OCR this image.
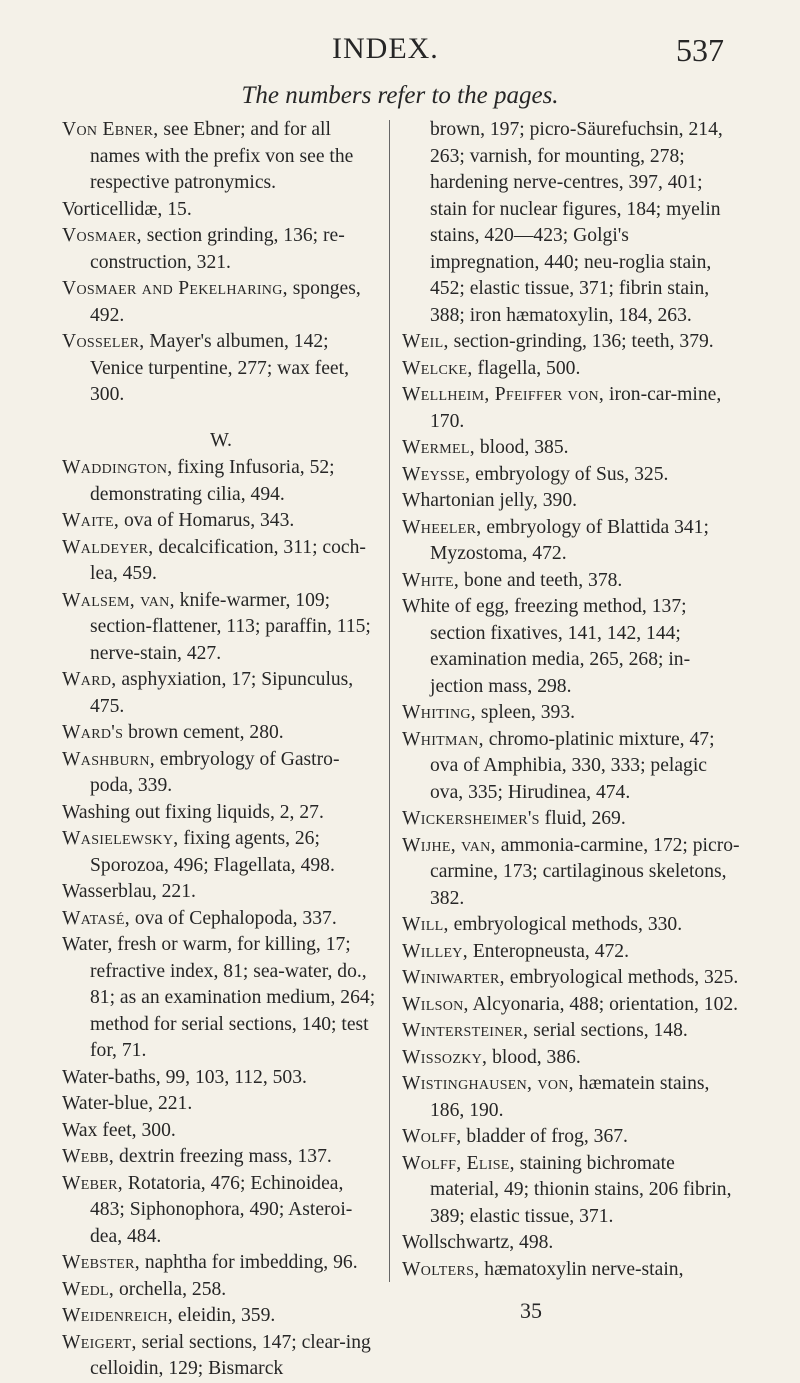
INDEX.	537
The numbers refer to the pages.

Von Ebner, see Ebner; and for all names with the prefix von see the respective patronymics.

Vorticellidæ, 15.

Vosmaer, section grinding, 136; re-construction, 321.

Vosmaer and Pekelharing, sponges, 492.

Vosseler, Mayer's albumen, 142; Venice turpentine, 277; wax feet, 300.

W.

Waddington, fixing Infusoria, 52; demonstrating cilia, 494.

Waite, ova of Homarus, 343.

Waldeyer, decalcification, 311; coch-lea, 459.

Walsem, van, knife-warmer, 109; section-flattener, 113; paraffin, 115; nerve-stain, 427.

Ward, asphyxiation, 17; Sipunculus, 475.

Ward's brown cement, 280.

Washburn, embryology of Gastro-poda, 339.

Washing out fixing liquids, 2, 27.

Wasielewsky, fixing agents, 26; Sporozoa, 496; Flagellata, 498.

Wasserblau, 221.

Watasé, ova of Cephalopoda, 337.

Water, fresh or warm, for killing, 17; refractive index, 81; sea-water, do., 81; as an examination medium, 264; method for serial sections, 140; test for, 71.

Water-baths, 99, 103, 112, 503.

Water-blue, 221.

Wax feet, 300.

Webb, dextrin freezing mass, 137.

Weber, Rotatoria, 476; Echinoidea, 483; Siphonophora, 490; Asteroi-dea, 484.

Webster, naphtha for imbedding, 96.

Wedl, orchella, 258.

Weidenreich, eleidin, 359.

Weigert, serial sections, 147; clear-ing celloidin, 129; Bismarck

brown, 197; picro-Säurefuchsin, 214, 263; varnish, for mounting, 278; hardening nerve-centres, 397, 401; stain for nuclear figures, 184; myelin stains, 420—423; Golgi's impregnation, 440; neu-roglia stain, 452; elastic tissue, 371; fibrin stain, 388; iron hæmatoxylin, 184, 263.

Weil, section-grinding, 136; teeth, 379.

Welcke, flagella, 500.

Wellheim, Pfeiffer von, iron-car-mine, 170.

Wermel, blood, 385.

Weysse, embryology of Sus, 325.

Whartonian jelly, 390.

Wheeler, embryology of Blattida 341; Myzostoma, 472.

White, bone and teeth, 378.

White of egg, freezing method, 137; section fixatives, 141, 142, 144; examination media, 265, 268; in-jection mass, 298.

Whiting, spleen, 393.

Whitman, chromo-platinic mixture, 47; ova of Amphibia, 330, 333; pelagic ova, 335; Hirudinea, 474.

Wickersheimer's fluid, 269.

Wijhe, van, ammonia-carmine, 172; picro-carmine, 173; cartilaginous skeletons, 382.

Will, embryological methods, 330.

Willey, Enteropneusta, 472.

Winiwarter, embryological methods, 325.

Wilson, Alcyonaria, 488; orientation, 102.

Wintersteiner, serial sections, 148.

Wissozky, blood, 386.

Wistinghausen, von, hæmatein stains, 186, 190.

Wolff, bladder of frog, 367.

Wolff, Elise, staining bichromate material, 49; thionin stains, 206 fibrin, 389; elastic tissue, 371.

Wollschwartz, 498.

Wolters, hæmatoxylin nerve-stain,

35
